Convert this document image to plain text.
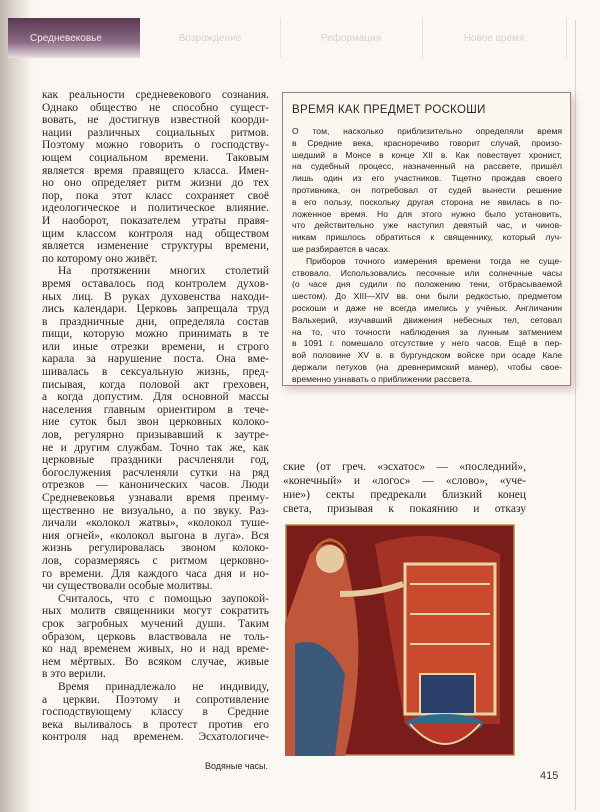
Средневековье	Возрождение	Реформация	Новое время
как реальности средневекового сознания.
Однако общество не способно сущест-
вовать, не достигнув известной коорди-
нации различных социальных ритмов.
Поэтому можно говорить о господству-
ющем социальном времени. Таковым
является время правящего класса. Имен-
но оно определяет ритм жизни до тех
пор, пока этот класс сохраняет своё
идеологическое и политическое влияние.
И наоборот, показателем утраты правя-
щим классом контроля над обществом
является изменение структуры времени,
по которому оно живёт.
На протяжении многих столетий
время оставалось под контролем духов-
ных лиц. В руках духовенства находи-
лись календари. Церковь запрещала труд
в праздничные дни, определяла состав
пищи, которую можно принимать в те
или иные отрезки времени, и строго
карала за нарушение поста. Она вме-
шивалась в сексуальную жизнь, пред-
писывая, когда половой акт греховен,
а когда допустим. Для основной массы
населения главным ориентиром в тече-
ние суток был звон церковных колоко-
лов, регулярно призывавший к заутре-
не и другим службам. Точно так же, как
церковные праздники расчленяли год,
богослужения расчленяли сутки на ряд
отрезков — канонических часов. Люди
Средневековья узнавали время преиму-
щественно не визуально, а по звуку. Раз-
личали «колокол жатвы», «колокол туше-
ния огней», «колокол выгона в луга». Вся
жизнь регулировалась звоном колоко-
лов, соразмеряясь с ритмом церковно-
го времени. Для каждого часа дня и но-
чи существовали особые молитвы.
Считалось, что с помощью заупокой-
ных молитв священники могут сократить
срок загробных мучений души. Таким
образом, церковь властвовала не толь-
ко над временем живых, но и над време-
нем мёртвых. Во всяком случае, живые
в это верили.
Время принадлежало не индивиду,
а церкви. Поэтому и сопротивление
господствующему классу в Средние
века выливалось в протест против его
контроля над временем. Эсхатологиче-
ВРЕМЯ КАК ПРЕДМЕТ РОСКОШИ
О том, насколько приблизительно определяли время
в Средние века, красноречиво говорит случай, произо-
шедший в Монсе в конце XII в. Как повествует хронист,
на судебный процесс, назначенный на рассвете, пришёл
лишь один из его участников. Тщетно прождав своего
противника, он потребовал от судей вынести решение
в его пользу, поскольку другая сторона не явилась в по-
ложенное время. Но для этого нужно было установить,
что действительно уже наступил девятый час, и чинов-
никам пришлось обратиться к священнику, который луч-
ше разбирается в часах.
Приборов точного измерения времени тогда не суще-
ствовало. Использовались песочные или солнечные часы
(о часе дня судили по положению тени, отбрасываемой
шестом). До XIII—XIV вв. они были редкостью, предметом
роскоши и даже не всегда имелись у учёных. Англичанин
Вальхерий, изучавший движения небесных тел, сетовал
на то, что точности наблюдения за лунным затмением
в 1091 г. помешало отсутствие у него часов. Ещё в пер-
вой половине XV в. в бургундском войске при осаде Кале
держали петухов (на древнеримский манер), чтобы свое-
временно узнавать о приближении рассвета.
ские (от греч. «эсхатос» — «последний»,
«конечный» и «логос» — «слово», «уче-
ние») секты предрекали близкий конец
света, призывая к покаянию и отказу
Водяные часы.
415
